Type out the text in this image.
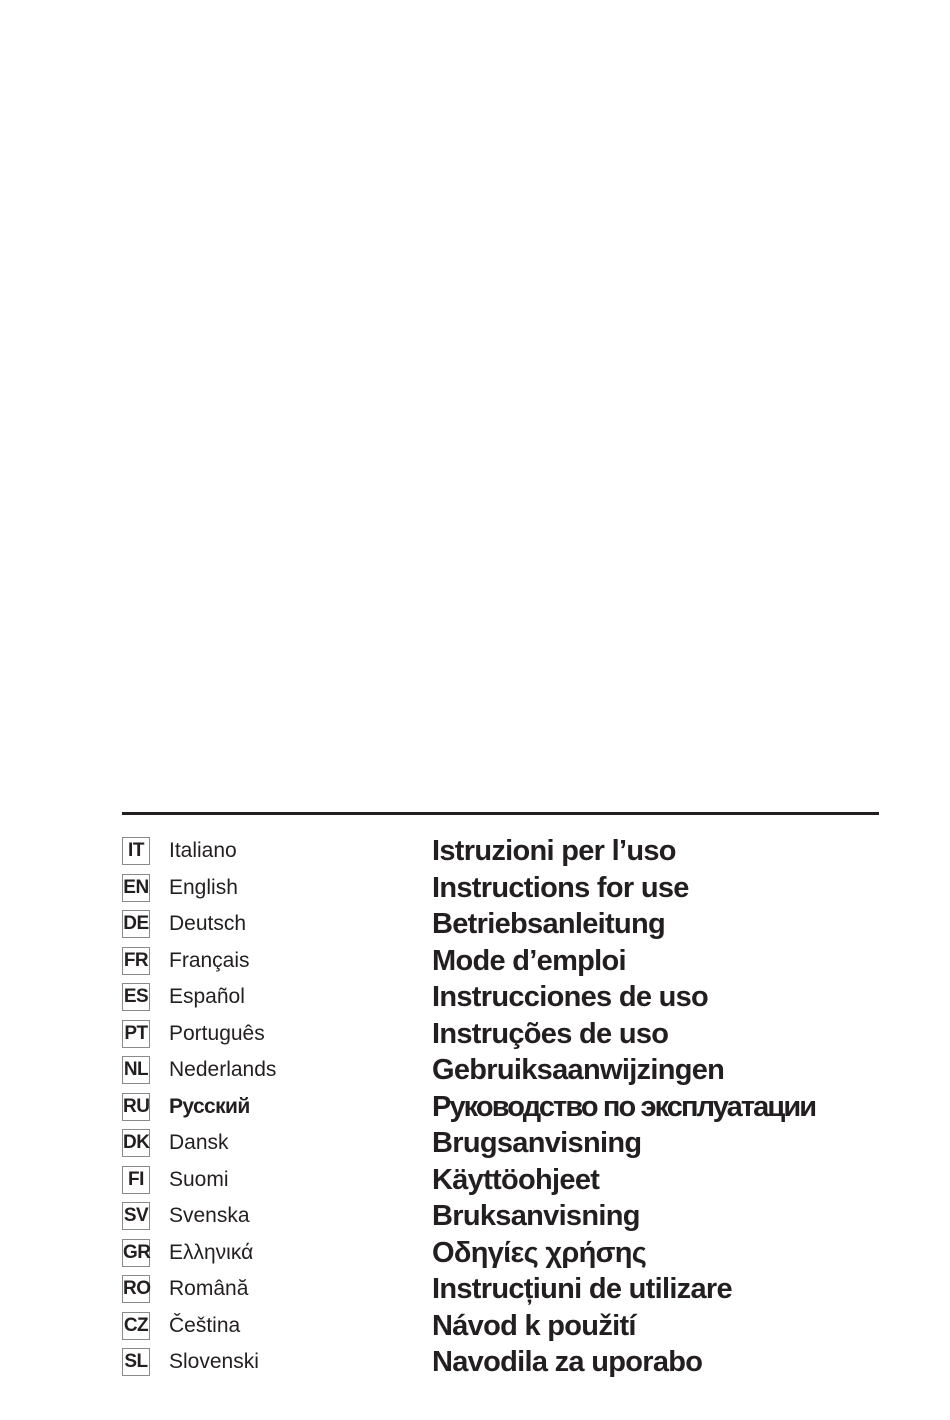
IT Italiano	Istruzioni per l’uso
EN English	Instructions for use
DE Deutsch	Betriebsanleitung
FR Français	Mode d’emploi
ES Español	Instrucciones de uso
PT Português	Instruções de uso
NL Nederlands	Gebruiksaanwijzingen
RU Русский	Руководство по эксплуатации
DK Dansk	Brugsanvisning
FI Suomi	Käyttöohjeet
SV Svenska	Bruksanvisning
GR Ελληνικά	Οδηγίες χρήσης
RO Română	Instrucțiuni de utilizare
CZ Čeština	Návod k použití
SL Slovenski	Navodila za uporabo
